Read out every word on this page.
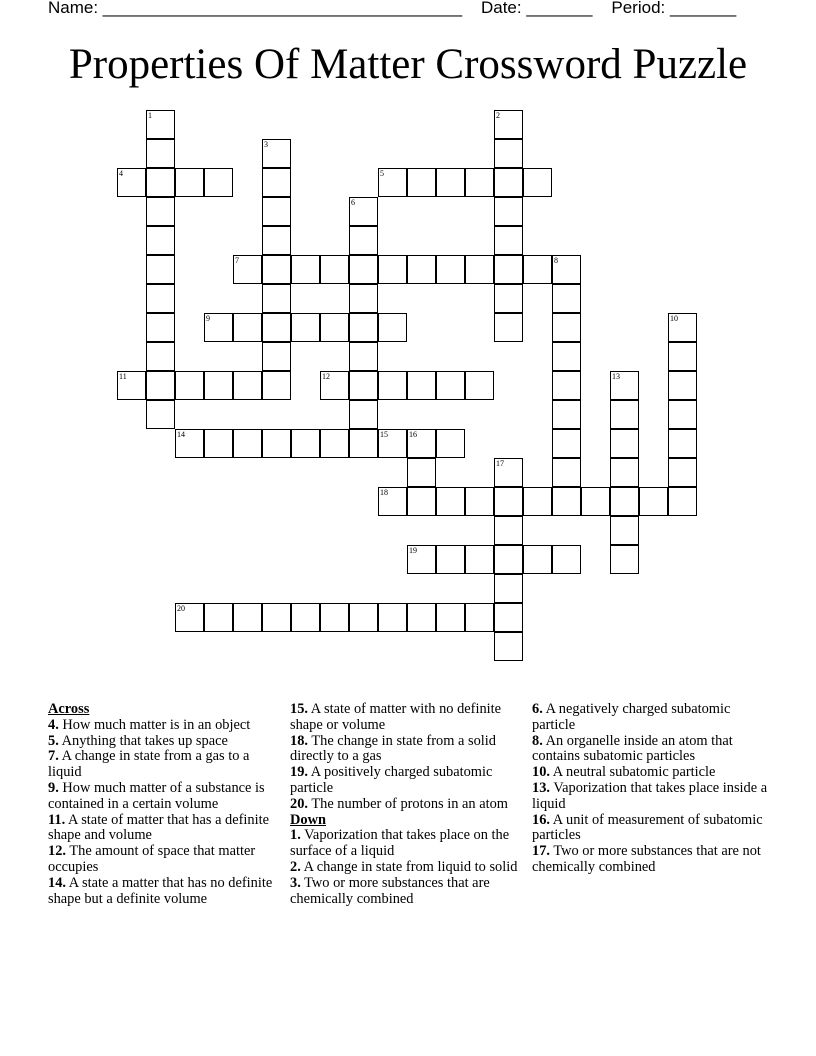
Name: ______________________________________    Date: _______    Period: _______
Properties Of Matter Crossword Puzzle
1	2
3
4	5
6
7	8
9	10
11	12	13
14	15	16
17
18
19
20
Across
4. How much matter is in an object
5. Anything that takes up space
7. A change in state from a gas to a liquid
9. How much matter of a substance is contained in a certain volume
11. A state of matter that has a definite shape and volume
12. The amount of space that matter occupies
14. A state a matter that has no definite shape but a definite volume
15. A state of matter with no definite shape or volume
18. The change in state from a solid directly to a gas
19. A positively charged subatomic particle
20. The number of protons in an atom
Down
1. Vaporization that takes place on the surface of a liquid
2. A change in state from liquid to solid
3. Two or more substances that are chemically combined
6. A negatively charged subatomic particle
8. An organelle inside an atom that contains subatomic particles
10. A neutral subatomic particle
13. Vaporization that takes place inside a liquid
16. A unit of measurement of subatomic particles
17. Two or more substances that are not chemically combined
